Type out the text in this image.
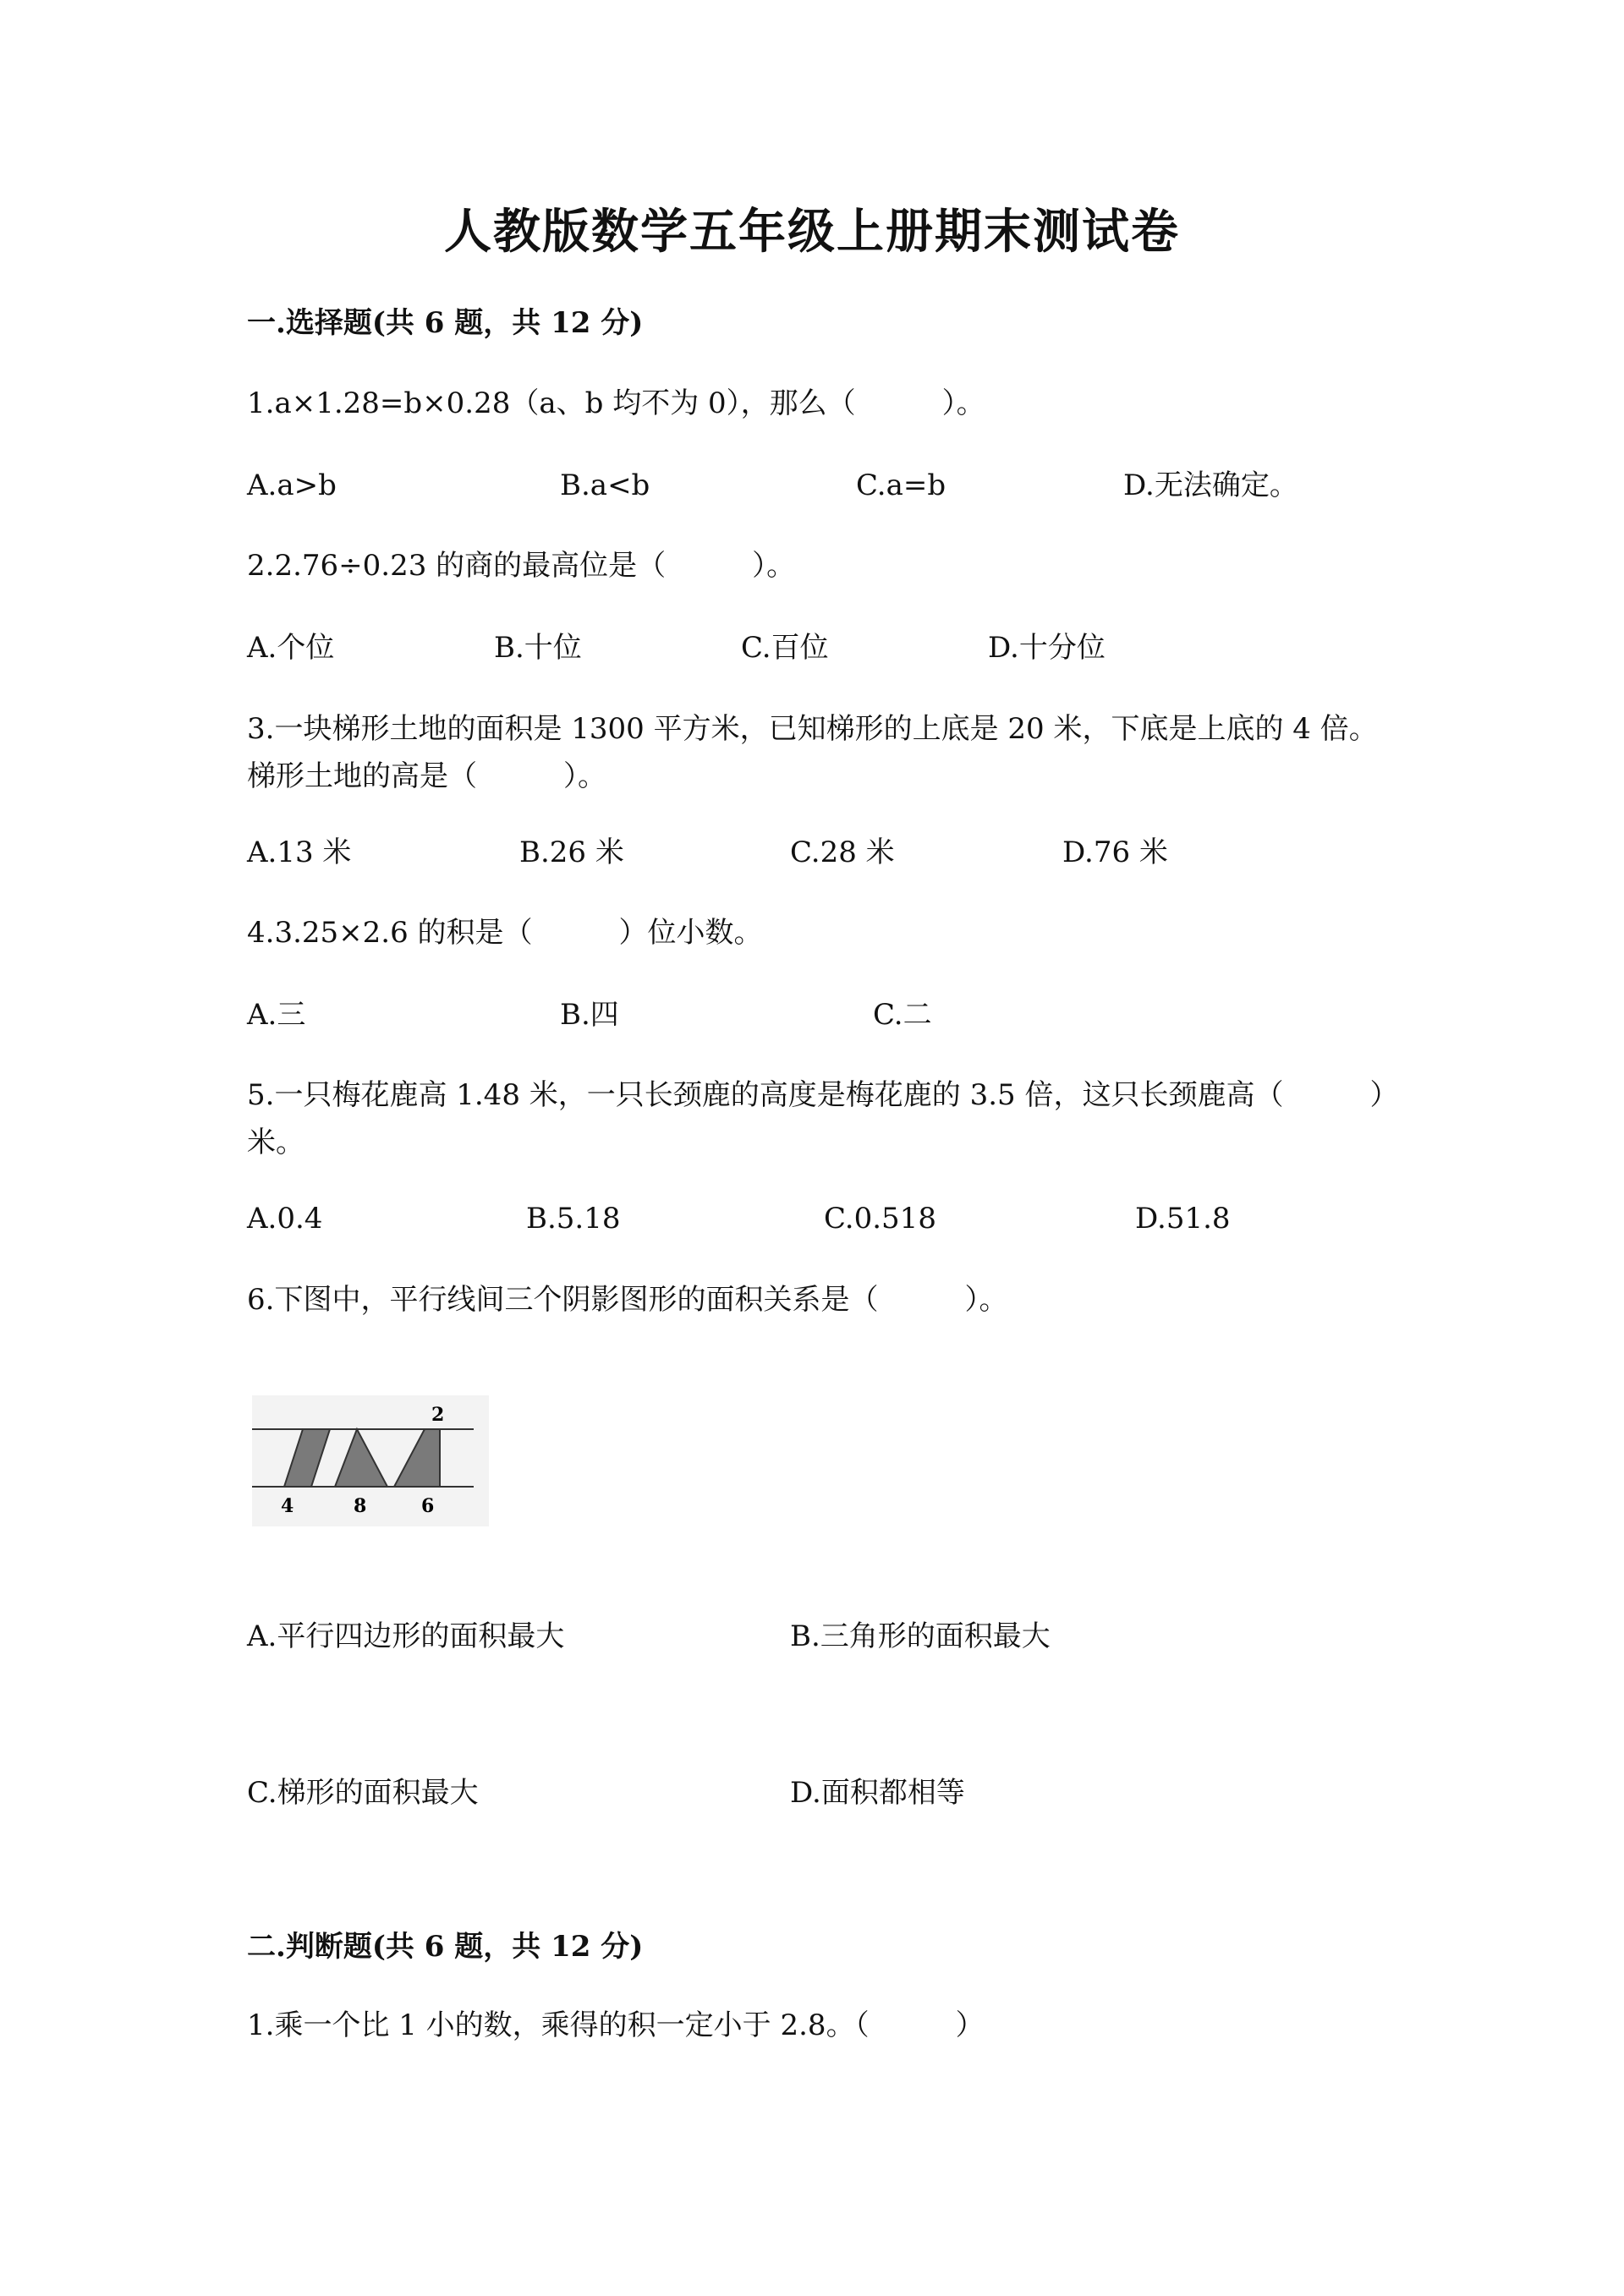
人教版数学五年级上册期末测试卷
一.选择题(共 6 题，共 12 分)
1.a×1.28=b×0.28（a、b 均不为 0），那么（　　　）。
A.a>b	B.a<b	C.a=b	D.无法确定。
2.2.76÷0.23 的商的最高位是（　　　）。
A.个位	B.十位	C.百位	D.十分位
3.一块梯形土地的面积是 1300 平方米，已知梯形的上底是 20 米，下底是上底的 4 倍。梯形土地的高是（　　　）。
A.13 米	B.26 米	C.28 米	D.76 米
4.3.25×2.6 的积是（　　　）位小数。
A.三	B.四	C.二
5.一只梅花鹿高 1.48 米，一只长颈鹿的高度是梅花鹿的 3.5 倍，这只长颈鹿高（　　　）米。
A.0.4	B.5.18	C.0.518	D.51.8
6.下图中，平行线间三个阴影图形的面积关系是（　　　）。
2
4	8	6
A.平行四边形的面积最大	B.三角形的面积最大
C.梯形的面积最大	D.面积都相等
二.判断题(共 6 题，共 12 分)
1.乘一个比 1 小的数，乘得的积一定小于 2.8。（　　　）
